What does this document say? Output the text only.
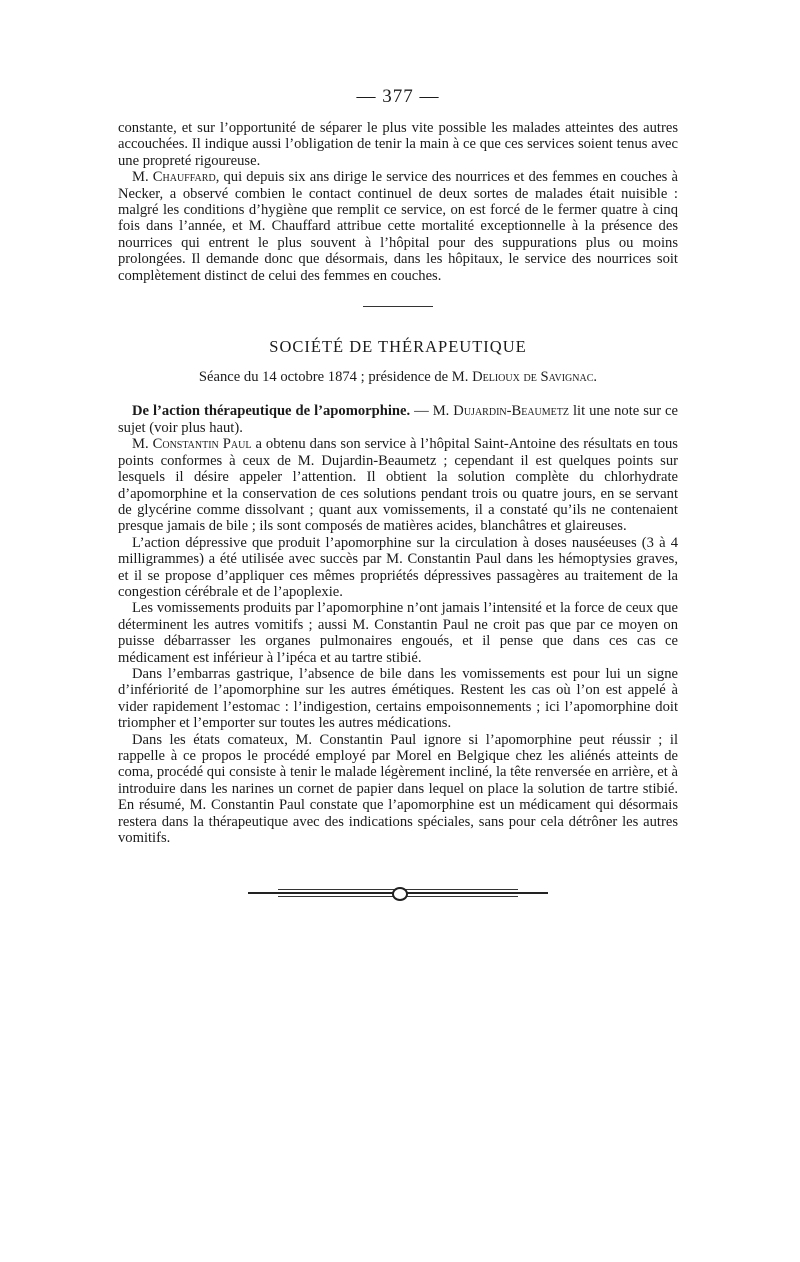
— 377 —

constante, et sur l’opportunité de séparer le plus vite possible les malades atteintes des autres accouchées. Il indique aussi l’obligation de tenir la main à ce que ces services soient tenus avec une propreté rigoureuse.

M. Chauffard, qui depuis six ans dirige le service des nourrices et des femmes en couches à Necker, a observé combien le contact continuel de deux sortes de malades était nuisible : malgré les conditions d’hygiène que remplit ce service, on est forcé de le fermer quatre à cinq fois dans l’année, et M. Chauffard attribue cette mortalité exceptionnelle à la présence des nourrices qui entrent le plus souvent à l’hôpital pour des suppurations plus ou moins prolongées. Il demande donc que désormais, dans les hôpitaux, le service des nourrices soit complètement distinct de celui des femmes en couches.

SOCIÉTÉ DE THÉRAPEUTIQUE
Séance du 14 octobre 1874 ; présidence de M. Delioux de Savignac.

De l’action thérapeutique de l’apomorphine. — M. Dujardin-Beaumetz lit une note sur ce sujet (voir plus haut).

M. Constantin Paul a obtenu dans son service à l’hôpital Saint-Antoine des résultats en tous points conformes à ceux de M. Dujardin-Beaumetz ; cependant il est quelques points sur lesquels il désire appeler l’attention. Il obtient la solution complète du chlorhydrate d’apomorphine et la conservation de ces solutions pendant trois ou quatre jours, en se servant de glycérine comme dissolvant ; quant aux vomissements, il a constaté qu’ils ne contenaient presque jamais de bile ; ils sont composés de matières acides, blanchâtres et glaireuses.

L’action dépressive que produit l’apomorphine sur la circulation à doses nauséeuses (3 à 4 milligrammes) a été utilisée avec succès par M. Constantin Paul dans les hémoptysies graves, et il se propose d’appliquer ces mêmes propriétés dépressives passagères au traitement de la congestion cérébrale et de l’apoplexie.

Les vomissements produits par l’apomorphine n’ont jamais l’intensité et la force de ceux que déterminent les autres vomitifs ; aussi M. Constantin Paul ne croit pas que par ce moyen on puisse débarrasser les organes pulmonaires engoués, et il pense que dans ces cas ce médicament est inférieur à l’ipéca et au tartre stibié.

Dans l’embarras gastrique, l’absence de bile dans les vomissements est pour lui un signe d’infériorité de l’apomorphine sur les autres émétiques. Restent les cas où l’on est appelé à vider rapidement l’estomac : l’indigestion, certains empoisonnements ; ici l’apomorphine doit triompher et l’emporter sur toutes les autres médications.

Dans les états comateux, M. Constantin Paul ignore si l’apomorphine peut réussir ; il rappelle à ce propos le procédé employé par Morel en Belgique chez les aliénés atteints de coma, procédé qui consiste à tenir le malade légèrement incliné, la tête renversée en arrière, et à introduire dans les narines un cornet de papier dans lequel on place la solution de tartre stibié. En résumé, M. Constantin Paul constate que l’apomorphine est un médicament qui désormais restera dans la thérapeutique avec des indications spéciales, sans pour cela détrôner les autres vomitifs.
